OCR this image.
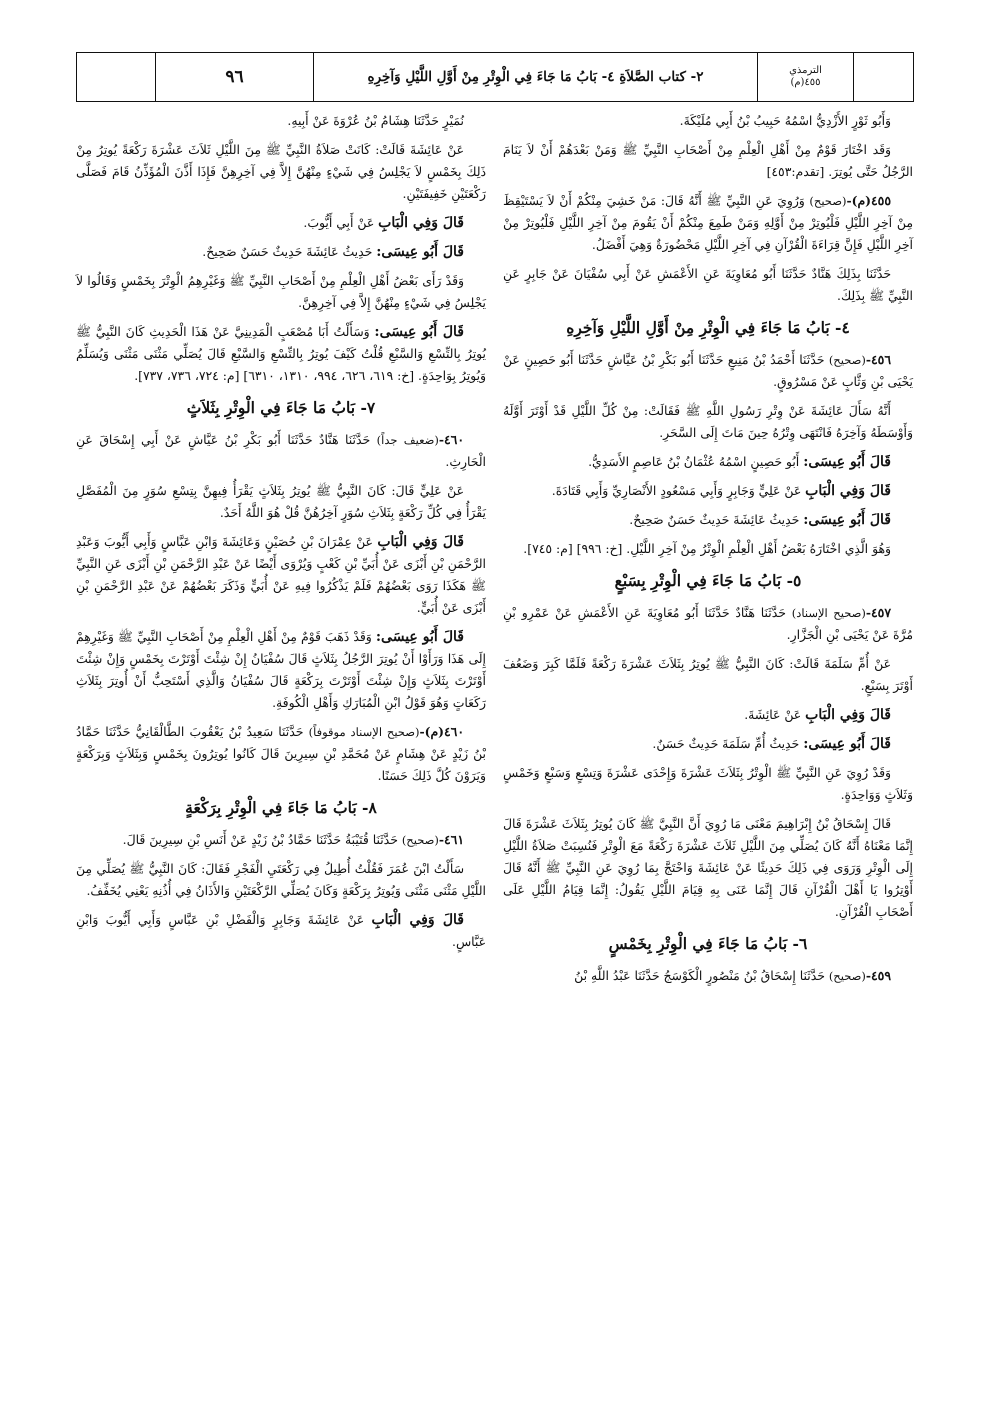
٩٦	٢- كتاب الصَّلاَةِ ٤- بَابُ مَا جَاءَ فِي الْوِتْرِ مِنْ أَوَّلِ اللَّيْلِ وَآخِرِهِ	الترمذي
٤٥٥(م)
وَأَبُو ثَوْرٍ الأَزْدِيُّ اسْمُهُ حَبِيبُ بْنُ أَبِي مُلَيْكَةَ.
وَقَد اخْتَارَ قَوْمٌ مِنْ أَهْلِ الْعِلْمِ مِنْ أَصْحَابِ النَّبِيِّ ﷺ وَمَنْ بَعْدَهُمْ أَنْ لاَ يَنَامَ الرَّجُلُ حَتَّى يُوتِرَ. [تقدم:٤٥٣]
٤٥٥(م)-(صحيح) وَرُوِيَ عَنِ النَّبِيِّ ﷺ أَنَّهُ قَالَ: مَنْ خَشِيَ مِنْكُمْ أَنْ لاَ يَسْتَيْقِظَ مِنْ آخِرِ اللَّيْلِ فَلْيُوتِرْ مِنْ أَوَّلِهِ وَمَنْ طَمِعَ مِنْكُمْ أَنْ يَقُومَ مِنْ آخِرِ اللَّيْلِ فَلْيُوتِرْ مِنْ آخِرِ اللَّيْلِ فَإِنَّ قِرَاءَةَ الْقُرْآنِ فِي آخِرِ اللَّيْلِ مَحْضُورَةٌ وَهِيَ أَفْضَلُ.
حَدَّثَنَا بِذَلِكَ هَنَّادٌ حَدَّثَنَا أَبُو مُعَاوِيَةَ عَنِ الأَعْمَشِ عَنْ أَبِي سُفْيَانَ عَنْ جَابِرٍ عَنِ النَّبِيِّ ﷺ بِذَلِكَ.
٤- بَابُ مَا جَاءَ فِي الْوِتْرِ مِنْ أَوَّلِ اللَّيْلِ وَآخِرِهِ
٤٥٦-(صحيح) حَدَّثَنَا أَحْمَدُ بْنُ مَنِيعٍ حَدَّثَنَا أَبُو بَكْرِ بْنُ عَيَّاشٍ حَدَّثَنَا أَبُو حَصِينٍ عَنْ يَحْيَى بْنِ وَثَّابٍ عَنْ مَسْرُوقٍ.
أَنَّهُ سَأَلَ عَائِشَةَ عَنْ وِتْرِ رَسُولِ اللَّهِ ﷺ فَقَالَتْ: مِنْ كُلِّ اللَّيْلِ قَدْ أَوْتَرَ أَوَّلَهُ وَأَوْسَطَهُ وَآخِرَهُ فَانْتَهَى وِتْرُهُ حِينَ مَاتَ إِلَى السَّحَرِ.
قَالَ أَبُو عِيسَى: أَبُو حَصِينٍ اسْمُهُ عُثْمَانُ بْنُ عَاصِمٍ الأَسَدِيُّ.
قَالَ وَفِي الْبَابِ عَنْ عَلِيٍّ وَجَابِرٍ وَأَبِي مَسْعُودٍ الأَنْصَارِيِّ وَأَبِي قَتَادَةَ.
قَالَ أَبُو عِيسَى: حَدِيثُ عَائِشَةَ حَدِيثٌ حَسَنٌ صَحِيحٌ.
وَهُوَ الَّذِي اخْتَارَهُ بَعْضُ أَهْلِ الْعِلْمِ الْوِتْرُ مِنْ آخِرِ اللَّيْلِ. [خ: ٩٩٦] [م: ٧٤٥].
٥- بَابُ مَا جَاءَ فِي الْوِتْرِ بِسَبْعٍ
٤٥٧-(صحيح الإسناد) حَدَّثَنَا هَنَّادٌ حَدَّثَنَا أَبُو مُعَاوِيَةَ عَنِ الأَعْمَشِ عَنْ عَمْرِو بْنِ مُرَّةَ عَنْ يَحْيَى بْنِ الْجَزَّارِ.
عَنْ أُمِّ سَلَمَةَ قَالَتْ: كَانَ النَّبِيُّ ﷺ يُوتِرُ بِثَلاَثَ عَشْرَةَ رَكْعَةً فَلَمَّا كَبِرَ وَضَعُفَ أَوْتَرَ بِسَبْعٍ.
قَالَ وَفِي الْبَابِ عَنْ عَائِشَةَ.
قَالَ أَبُو عِيسَى: حَدِيثُ أُمِّ سَلَمَةَ حَدِيثٌ حَسَنٌ.
وَقَدْ رُوِيَ عَنِ النَّبِيِّ ﷺ الْوِتْرُ بِثَلاَثَ عَشْرَةَ وَإِحْدَى عَشْرَةَ وَتِسْعٍ وَسَبْعٍ وَخَمْسٍ وَثَلاَثٍ وَوَاحِدَةٍ.
قَالَ إِسْحَاقُ بْنُ إِبْرَاهِيمَ مَعْنَى مَا رُوِيَ أَنَّ النَّبِيَّ ﷺ كَانَ يُوتِرُ بِثَلاَثَ عَشْرَةَ قَالَ إِنَّمَا مَعْنَاهُ أَنَّهُ كَانَ يُصَلِّي مِنَ اللَّيْلِ ثَلاَثَ عَشْرَةَ رَكْعَةً مَعَ الْوِتْرِ فَنُسِبَتْ صَلاَةُ اللَّيْلِ إِلَى الْوِتْرِ وَرَوَى فِي ذَلِكَ حَدِيثًا عَنْ عَائِشَةَ وَاحْتَجَّ بِمَا رُوِيَ عَنِ النَّبِيِّ ﷺ أَنَّهُ قَالَ أَوْتِرُوا يَا أَهْلَ الْقُرْآنِ قَالَ إِنَّمَا عَنَى بِهِ قِيَامَ اللَّيْلِ يَقُولُ: إِنَّمَا قِيَامُ اللَّيْلِ عَلَى أَصْحَابِ الْقُرْآنِ.
٦- بَابُ مَا جَاءَ فِي الْوِتْرِ بِخَمْسٍ
٤٥٩-(صحيح) حَدَّثَنَا إِسْحَاقُ بْنُ مَنْصُورٍ الْكَوْسَجُ حَدَّثَنَا عَبْدُ اللَّهِ بْنُ
نُمَيْرٍ حَدَّثَنَا هِشَامُ بْنُ عُرْوَةَ عَنْ أَبِيهِ.
عَنْ عَائِشَةَ قَالَتْ: كَانَتْ صَلاَةُ النَّبِيِّ ﷺ مِنَ اللَّيْلِ ثَلاَثَ عَشْرَةَ رَكْعَةً يُوتِرُ مِنْ ذَلِكَ بِخَمْسٍ لاَ يَجْلِسُ فِي شَيْءٍ مِنْهُنَّ إِلاَّ فِي آخِرِهِنَّ فَإِذَا أَذَّنَ الْمُؤَذِّنُ قَامَ فَصَلَّى رَكْعَتَيْنِ خَفِيفَتَيْنِ.
قَالَ وَفِي الْبَابِ عَنْ أَبِي أَيُّوبَ.
قَالَ أَبُو عِيسَى: حَدِيثُ عَائِشَةَ حَدِيثٌ حَسَنٌ صَحِيحٌ.
وَقَدْ رَأَى بَعْضُ أَهْلِ الْعِلْمِ مِنْ أَصْحَابِ النَّبِيِّ ﷺ وَغَيْرِهِمُ الْوِتْرَ بِخَمْسٍ وَقَالُوا لاَ يَجْلِسُ فِي شَيْءٍ مِنْهُنَّ إِلاَّ فِي آخِرِهِنَّ.
قَالَ أَبُو عِيسَى: وَسَأَلْتُ أَبَا مُصْعَبٍ الْمَدِينِيَّ عَنْ هَذَا الْحَدِيثِ كَانَ النَّبِيُّ ﷺ يُوتِرُ بِالتِّسْعِ وَالسَّبْعِ قُلْتُ كَيْفَ يُوتِرُ بِالتِّسْعِ وَالسَّبْعِ قَالَ يُصَلِّي مَثْنَى مَثْنَى وَيُسَلِّمُ وَيُوتِرُ بِوَاحِدَةٍ. [خ: ٦١٩، ٦٢٦، ٩٩٤، ١٣١٠، ٦٣١٠] [م: ٧٢٤، ٧٣٦، ٧٣٧].
٧- بَابُ مَا جَاءَ فِي الْوِتْرِ بِثَلاَثٍ
٤٦٠-(ضعيف جداً) حَدَّثَنَا هَنَّادٌ حَدَّثَنَا أَبُو بَكْرِ بْنُ عَيَّاشٍ عَنْ أَبِي إِسْحَاقَ عَنِ الْحَارِثِ.
عَنْ عَلِيٍّ قَالَ: كَانَ النَّبِيُّ ﷺ يُوتِرُ بِثَلاَثٍ يَقْرَأُ فِيهِنَّ بِتِسْعِ سُوَرٍ مِنَ الْمُفَصَّلِ يَقْرَأُ فِي كُلِّ رَكْعَةٍ بِثَلاَثِ سُوَرٍ آخِرُهُنَّ قُلْ هُوَ اللَّهُ أَحَدٌ.
قَالَ وَفِي الْبَابِ عَنْ عِمْرَانَ بْنِ حُصَيْنٍ وَعَائِشَةَ وَابْنِ عَبَّاسٍ وَأَبِي أَيُّوبَ وَعَبْدِ الرَّحْمَنِ بْنِ أَبْزَى عَنْ أُبَيِّ بْنِ كَعْبٍ وَيُرْوَى أَيْضًا عَنْ عَبْدِ الرَّحْمَنِ بْنِ أَبْزَى عَنِ النَّبِيِّ ﷺ هَكَذَا رَوَى بَعْضُهُمْ فَلَمْ يَذْكُرُوا فِيهِ عَنْ أُبَيٍّ وَذَكَرَ بَعْضُهُمْ عَنْ عَبْدِ الرَّحْمَنِ بْنِ أَبْزَى عَنْ أُبَيٍّ.
قَالَ أَبُو عِيسَى: وَقَدْ ذَهَبَ قَوْمٌ مِنْ أَهْلِ الْعِلْمِ مِنْ أَصْحَابِ النَّبِيِّ ﷺ وَغَيْرِهِمْ إِلَى هَذَا وَرَأَوْا أَنْ يُوتِرَ الرَّجُلُ بِثَلاَثٍ قَالَ سُفْيَانُ إِنْ شِئْتَ أَوْتَرْتَ بِخَمْسٍ وَإِنْ شِئْتَ أَوْتَرْتَ بِثَلاَثٍ وَإِنْ شِئْتَ أَوْتَرْتَ بِرَكْعَةٍ قَالَ سُفْيَانُ وَالَّذِي أَسْتَحِبُّ أَنْ أُوتِرَ بِثَلاَثِ رَكَعَاتٍ وَهُوَ قَوْلُ ابْنِ الْمُبَارَكِ وَأَهْلِ الْكُوفَةِ.
٤٦٠(م)-(صحيح الإسناد موقوفاً) حَدَّثَنَا سَعِيدُ بْنُ يَعْقُوبَ الطَّالْقَانِيُّ حَدَّثَنَا حَمَّادُ بْنُ زَيْدٍ عَنْ هِشَامٍ عَنْ مُحَمَّدِ بْنِ سِيرِينَ قَالَ كَانُوا يُوتِرُونَ بِخَمْسٍ وَبِثَلاَثٍ وَبِرَكْعَةٍ وَيَرَوْنَ كُلَّ ذَلِكَ حَسَنًا.
٨- بَابُ مَا جَاءَ فِي الْوِتْرِ بِرَكْعَةٍ
٤٦١-(صحيح) حَدَّثَنَا قُتَيْبَةُ حَدَّثَنَا حَمَّادُ بْنُ زَيْدٍ عَنْ أَنَسِ بْنِ سِيرِينَ قَالَ.
سَأَلْتُ ابْنَ عُمَرَ فَقُلْتُ أُطِيلُ فِي رَكْعَتَيِ الْفَجْرِ فَقَالَ: كَانَ النَّبِيُّ ﷺ يُصَلِّي مِنَ اللَّيْلِ مَثْنَى مَثْنَى وَيُوتِرُ بِرَكْعَةٍ وَكَانَ يُصَلِّي الرَّكْعَتَيْنِ وَالأَذَانُ فِي أُذُنِهِ يَعْنِي يُخَفِّفُ.
قَالَ وَفِي الْبَابِ عَنْ عَائِشَةَ وَجَابِرٍ وَالْفَضْلِ بْنِ عَبَّاسٍ وَأَبِي أَيُّوبَ وَابْنِ عَبَّاسٍ.
